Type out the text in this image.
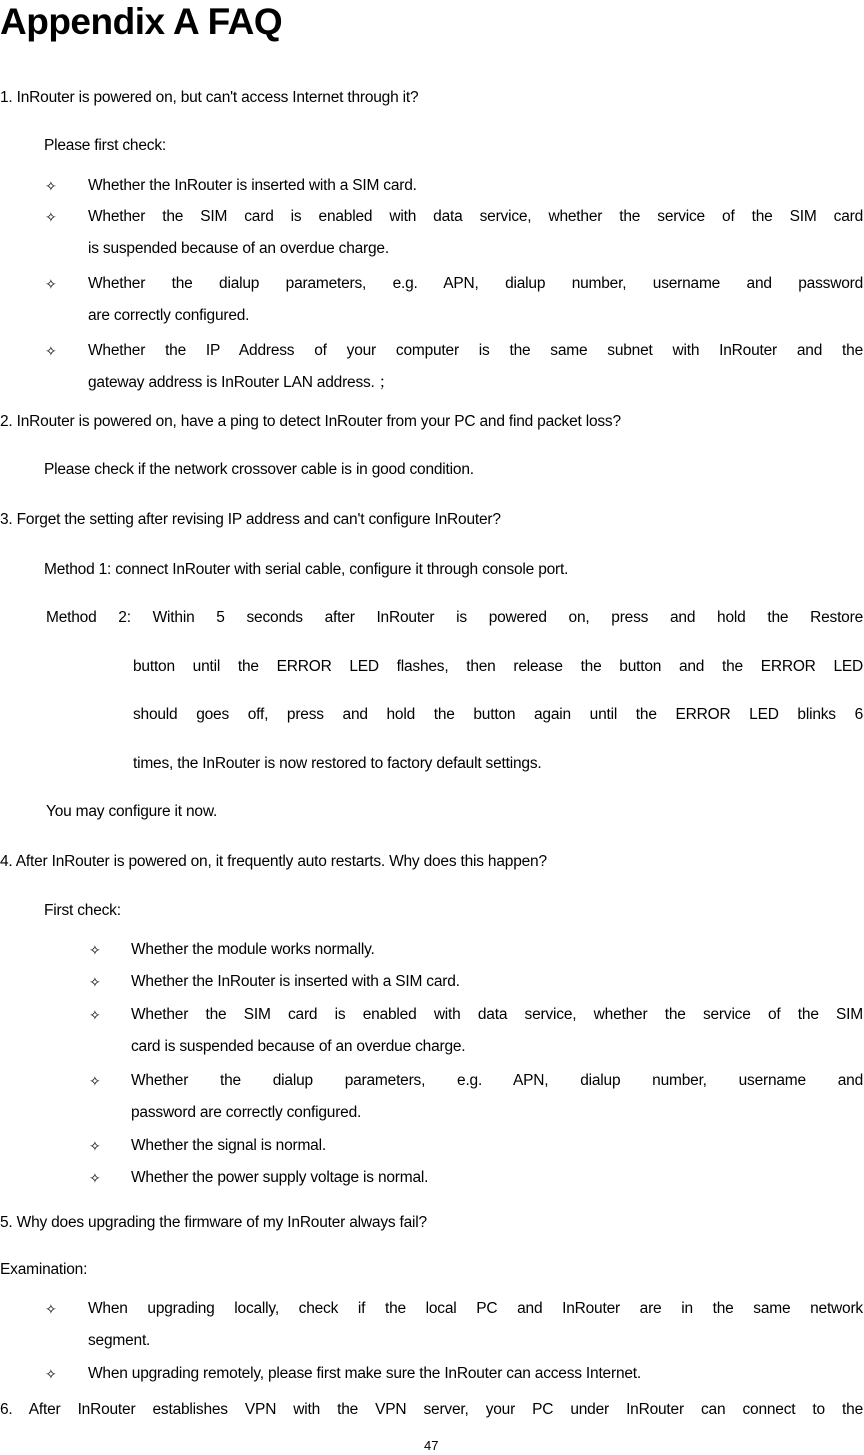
Appendix A FAQ
1. InRouter is powered on, but can't access Internet through it?
Please first check:
✧ Whether the InRouter is inserted with a SIM card.
✧ Whether the SIM card is enabled with data service, whether the service of the SIM card
is suspended because of an overdue charge.
✧ Whether the dialup parameters, e.g. APN, dialup number, username and password
are correctly configured.
✧ Whether the IP Address of your computer is the same subnet with InRouter and the
gateway address is InRouter LAN address. ；
2. InRouter is powered on, have a ping to detect InRouter from your PC and find packet loss?
Please check if the network crossover cable is in good condition.
3. Forget the setting after revising IP address and can't configure InRouter?
Method 1: connect InRouter with serial cable, configure it through console port.
Method 2: Within 5 seconds after InRouter is powered on, press and hold the Restore
button until the ERROR LED flashes, then release the button and the ERROR LED
should goes off, press and hold the button again until the ERROR LED blinks 6
times, the InRouter is now restored to factory default settings.
You may configure it now.
4. After InRouter is powered on, it frequently auto restarts. Why does this happen?
First check:
✧ Whether the module works normally.
✧ Whether the InRouter is inserted with a SIM card.
✧ Whether the SIM card is enabled with data service, whether the service of the SIM
card is suspended because of an overdue charge.
✧ Whether the dialup parameters, e.g. APN, dialup number, username and
password are correctly configured.
✧ Whether the signal is normal.
✧ Whether the power supply voltage is normal.
5. Why does upgrading the firmware of my InRouter always fail?
Examination:
✧ When upgrading locally, check if the local PC and InRouter are in the same network
segment.
✧ When upgrading remotely, please first make sure the InRouter can access Internet.
6. After InRouter establishes VPN with the VPN server, your PC under InRouter can connect to the
47
